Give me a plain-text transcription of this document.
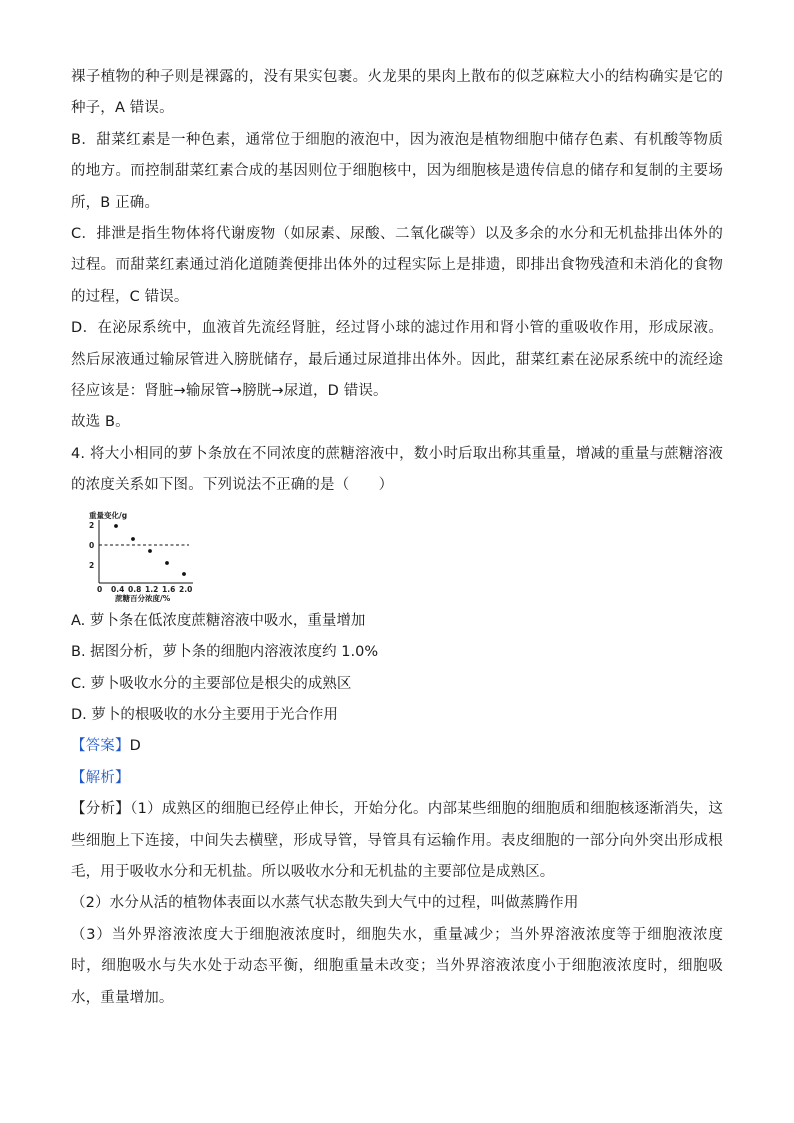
裸子植物的种子则是裸露的，没有果实包裹。火龙果的果肉上散布的似芝麻粒大小的结构确实是它的种子，A 错误。

B．甜菜红素是一种色素，通常位于细胞的液泡中，因为液泡是植物细胞中储存色素、有机酸等物质的地方。而控制甜菜红素合成的基因则位于细胞核中，因为细胞核是遗传信息的储存和复制的主要场所，B 正确。

C．排泄是指生物体将代谢废物（如尿素、尿酸、二氧化碳等）以及多余的水分和无机盐排出体外的过程。而甜菜红素通过消化道随粪便排出体外的过程实际上是排遗，即排出食物残渣和未消化的食物的过程，C 错误。

D．在泌尿系统中，血液首先流经肾脏，经过肾小球的滤过作用和肾小管的重吸收作用，形成尿液。然后尿液通过输尿管进入膀胱储存，最后通过尿道排出体外。因此，甜菜红素在泌尿系统中的流经途径应该是：肾脏→输尿管→膀胱→尿道，D 错误。

故选 B。

4. 将大小相同的萝卜条放在不同浓度的蔗糖溶液中，数小时后取出称其重量，增减的重量与蔗糖溶液的浓度关系如下图。下列说法不正确的是（　　）

重量变化/g
2
0
2
0 0.4 0.8 1.2 1.6 2.0
蔗糖百分浓度/%

A. 萝卜条在低浓度蔗糖溶液中吸水，重量增加

B. 据图分析，萝卜条的细胞内溶液浓度约 1.0%

C. 萝卜吸收水分的主要部位是根尖的成熟区

D. 萝卜的根吸收的水分主要用于光合作用

【答案】D

【解析】

【分析】（1）成熟区的细胞已经停止伸长，开始分化。内部某些细胞的细胞质和细胞核逐渐消失，这些细胞上下连接，中间失去横壁，形成导管，导管具有运输作用。表皮细胞的一部分向外突出形成根毛，用于吸收水分和无机盐。所以吸收水分和无机盐的主要部位是成熟区。

（2）水分从活的植物体表面以水蒸气状态散失到大气中的过程，叫做蒸腾作用

（3）当外界溶液浓度大于细胞液浓度时，细胞失水，重量减少；当外界溶液浓度等于细胞液浓度时，细胞吸水与失水处于动态平衡，细胞重量未改变；当外界溶液浓度小于细胞液浓度时，细胞吸水，重量增加。
